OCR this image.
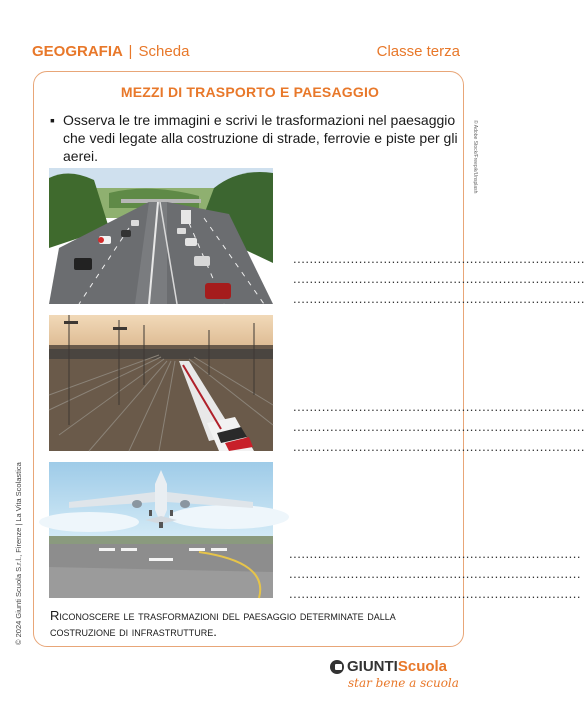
GEOGRAFIA | Scheda	Classe terza
MEZZI DI TRASPORTO E PAESAGGIO
▪ Osserva le tre immagini e scrivi le trasformazioni nel paesaggio che vedi legate alla costruzione di strade, ferrovie e piste per gli aerei.
.......................................................................
.......................................................................
.......................................................................
.......................................................................
.......................................................................
.......................................................................
.......................................................................
.......................................................................
.......................................................................
Riconoscere le trasformazioni del paesaggio determinate dalla costruzione di infrastrutture.
© 2024 Giunti Scuola S.r.l., Firenze | La Vita Scolastica
© Adobe Stock/Freepik/Unsplash
GIUNTI Scuola
star bene a scuola
